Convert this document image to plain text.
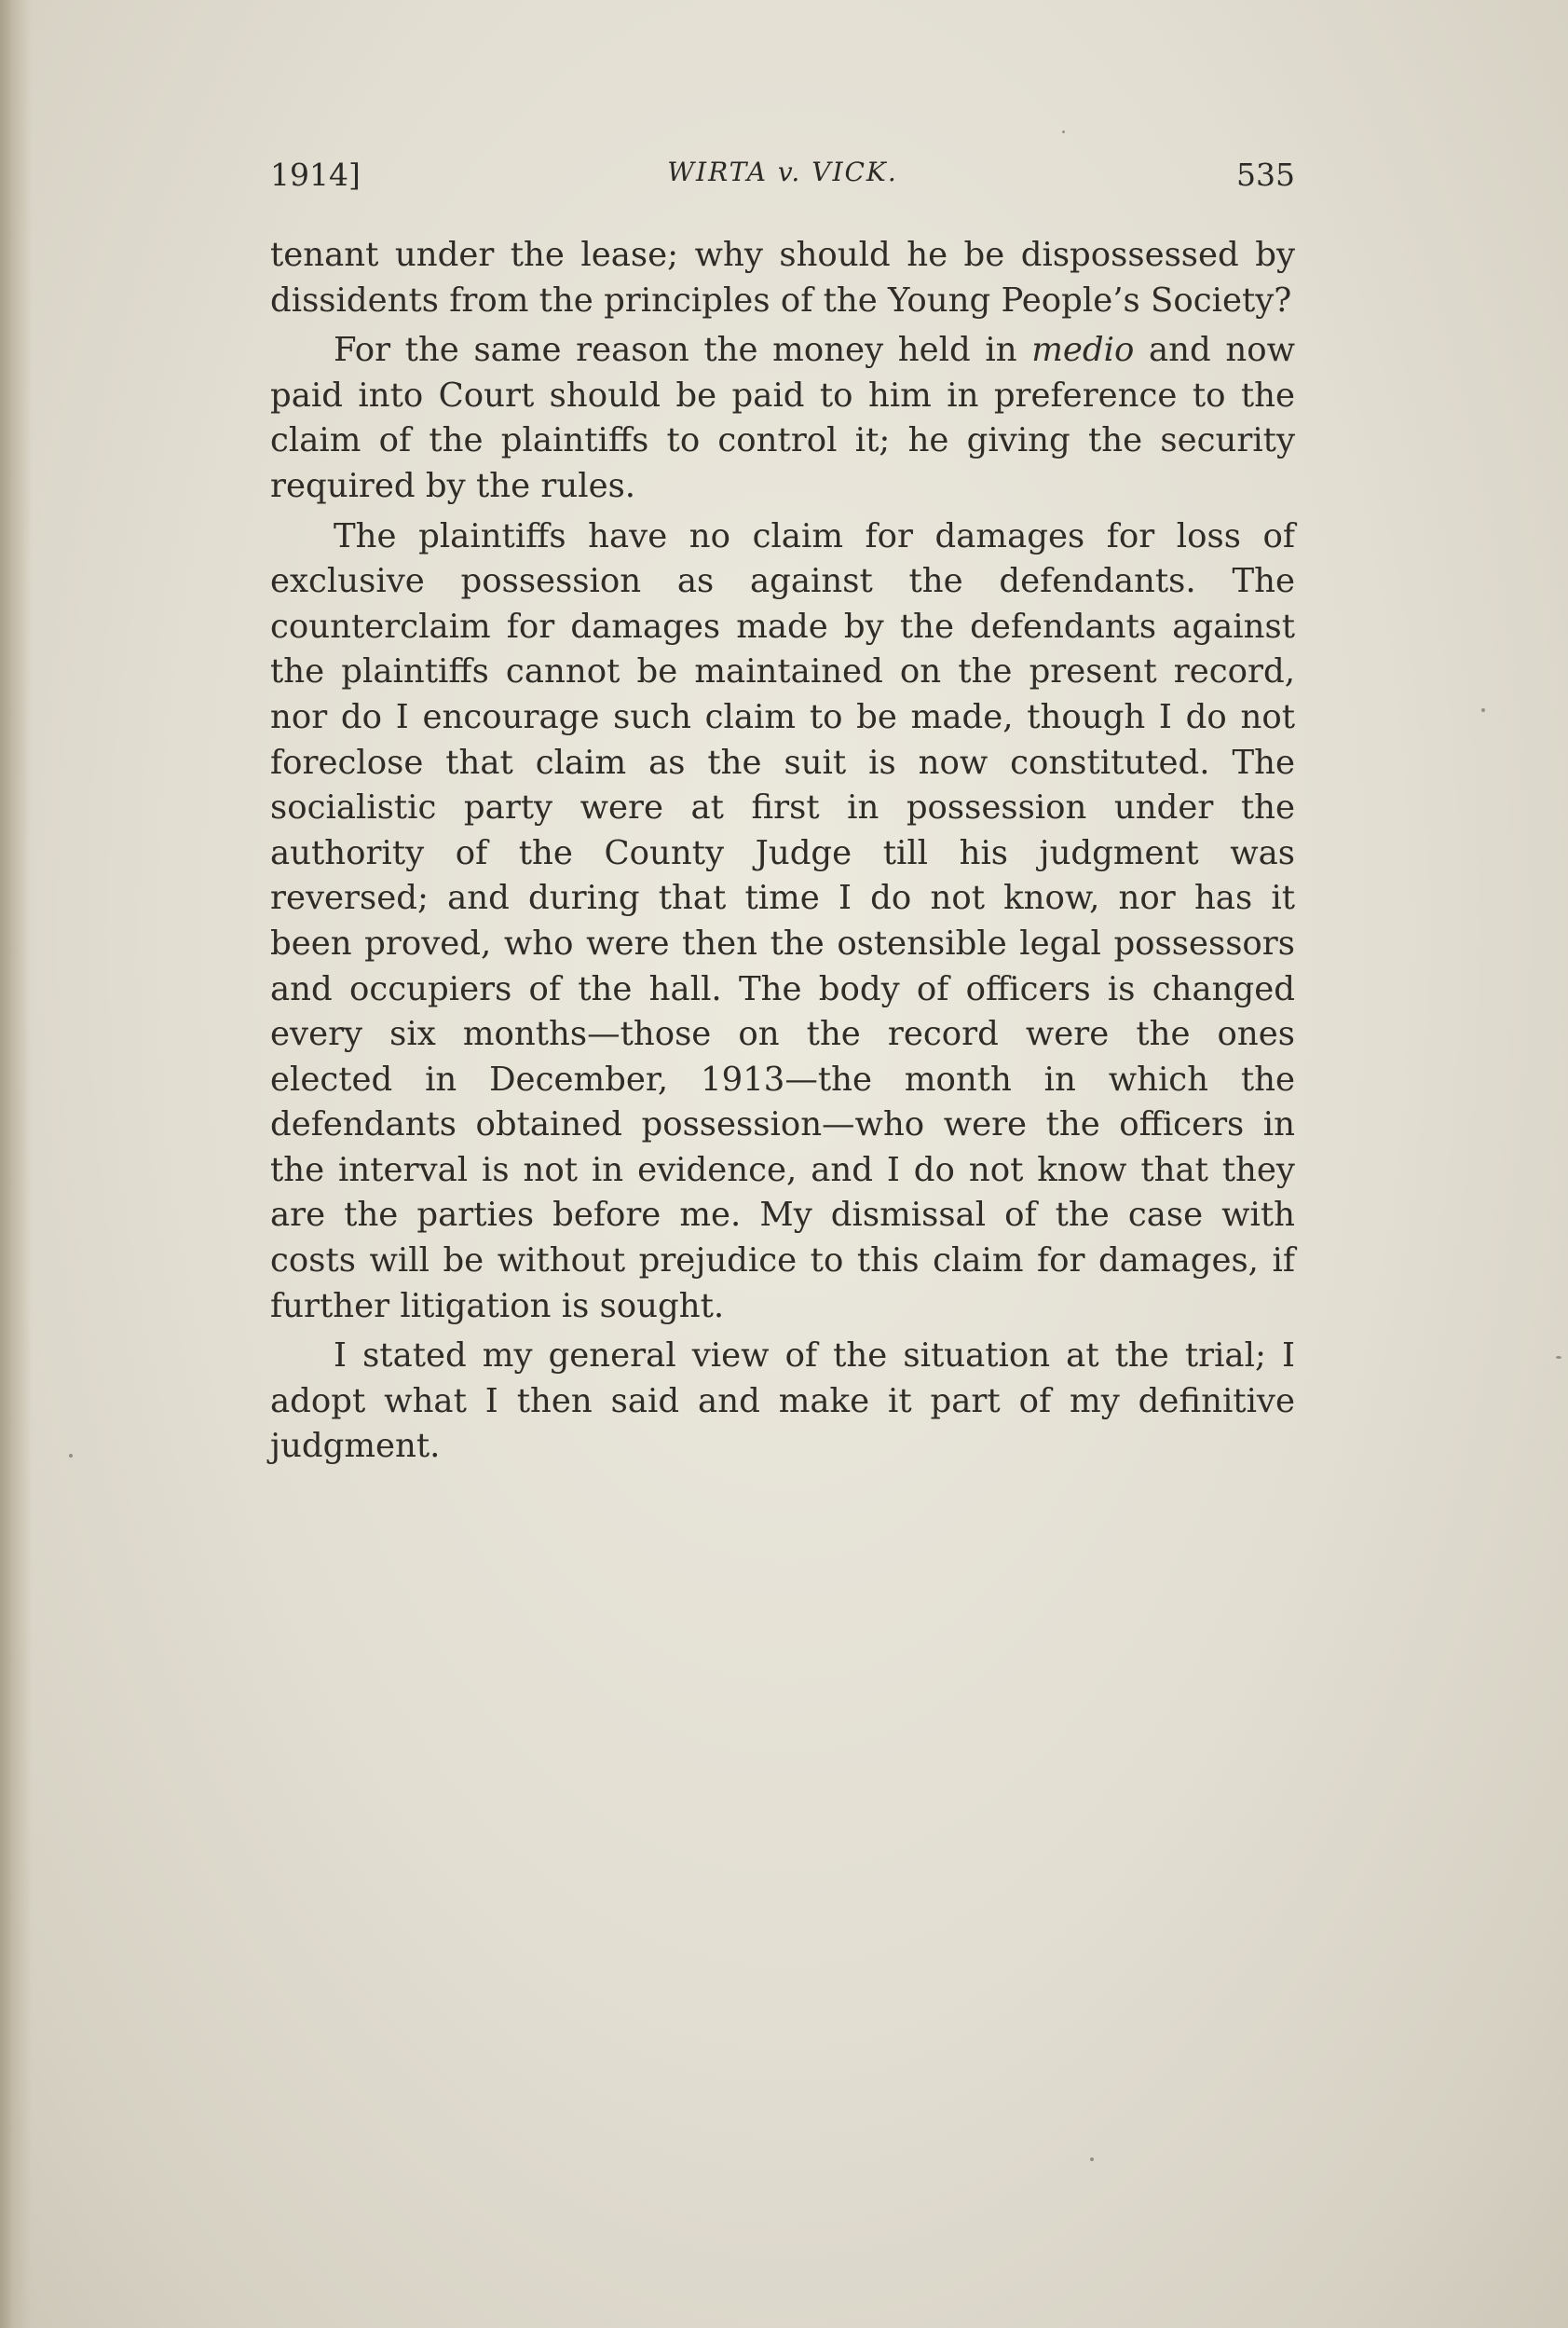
1914]	WIRTA v. VICK.	535

tenant under the lease; why should he be dispossessed by dissidents from the principles of the Young People’s Society?

For the same reason the money held in medio and now paid into Court should be paid to him in preference to the claim of the plaintiffs to control it; he giving the security required by the rules.

The plaintiffs have no claim for damages for loss of exclusive possession as against the defendants. The counterclaim for damages made by the defendants against the plaintiffs cannot be maintained on the present record, nor do I encourage such claim to be made, though I do not foreclose that claim as the suit is now constituted. The socialistic party were at first in possession under the authority of the County Judge till his judgment was reversed; and during that time I do not know, nor has it been proved, who were then the ostensible legal possessors and occupiers of the hall. The body of officers is changed every six months—those on the record were the ones elected in December, 1913—the month in which the defendants obtained possession—who were the officers in the interval is not in evidence, and I do not know that they are the parties before me. My dismissal of the case with costs will be without prejudice to this claim for damages, if further litigation is sought.

I stated my general view of the situation at the trial; I adopt what I then said and make it part of my definitive judgment.
